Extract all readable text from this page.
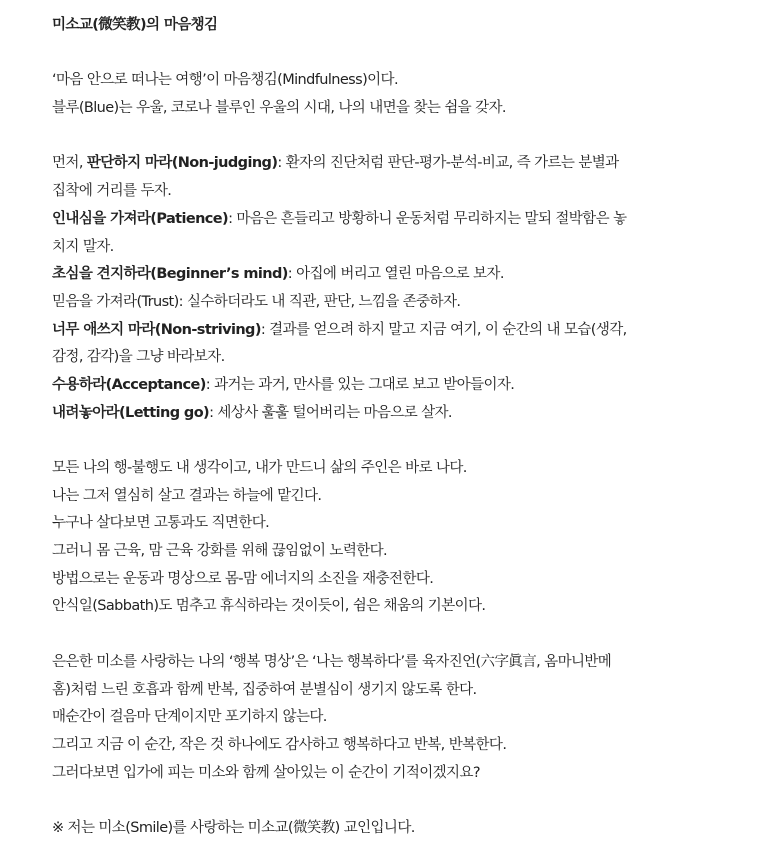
미소교(微笑教)의 마음챙김
‘마음 안으로 떠나는 여행’이 마음챙김(Mindfulness)이다.
블루(Blue)는 우울, 코로나 블루인 우울의 시대, 나의 내면을 찾는 쉼을 갖자.
먼저, 판단하지 마라(Non-judging): 환자의 진단처럼 판단-평가-분석-비교, 즉 가르는 분별과
집착에 거리를 두자.
인내심을 가져라(Patience): 마음은 흔들리고 방황하니 운동처럼 무리하지는 말되 절박함은 놓
치지 말자.
초심을 견지하라(Beginner’s mind): 아집에 버리고 열린 마음으로 보자.
믿음을 가져라(Trust): 실수하더라도 내 직관, 판단, 느낌을 존중하자.
너무 애쓰지 마라(Non-striving): 결과를 얻으려 하지 말고 지금 여기, 이 순간의 내 모습(생각,
감정, 감각)을 그냥 바라보자.
수용하라(Acceptance): 과거는 과거, 만사를 있는 그대로 보고 받아들이자.
내려놓아라(Letting go): 세상사 훌훌 털어버리는 마음으로 살자.
모든 나의 행-불행도 내 생각이고, 내가 만드니 삶의 주인은 바로 나다.
나는 그저 열심히 살고 결과는 하늘에 맡긴다.
누구나 살다보면 고통과도 직면한다.
그러니 몸 근육, 맘 근육 강화를 위해 끊임없이 노력한다.
방법으로는 운동과 명상으로 몸-맘 에너지의 소진을 재충전한다.
안식일(Sabbath)도 멈추고 휴식하라는 것이듯이, 쉼은 채움의 기본이다.
은은한 미소를 사랑하는 나의 ‘행복 명상’은 ‘나는 행복하다’를 육자진언(六字眞言, 옴마니반메
홈)처럼 느린 호흡과 함께 반복, 집중하여 분별심이 생기지 않도록 한다.
매순간이 걸음마 단계이지만 포기하지 않는다.
그리고 지금 이 순간, 작은 것 하나에도 감사하고 행복하다고 반복, 반복한다.
그러다보면 입가에 피는 미소와 함께 살아있는 이 순간이 기적이겠지요?
※ 저는 미소(Smile)를 사랑하는 미소교(微笑教) 교인입니다.
